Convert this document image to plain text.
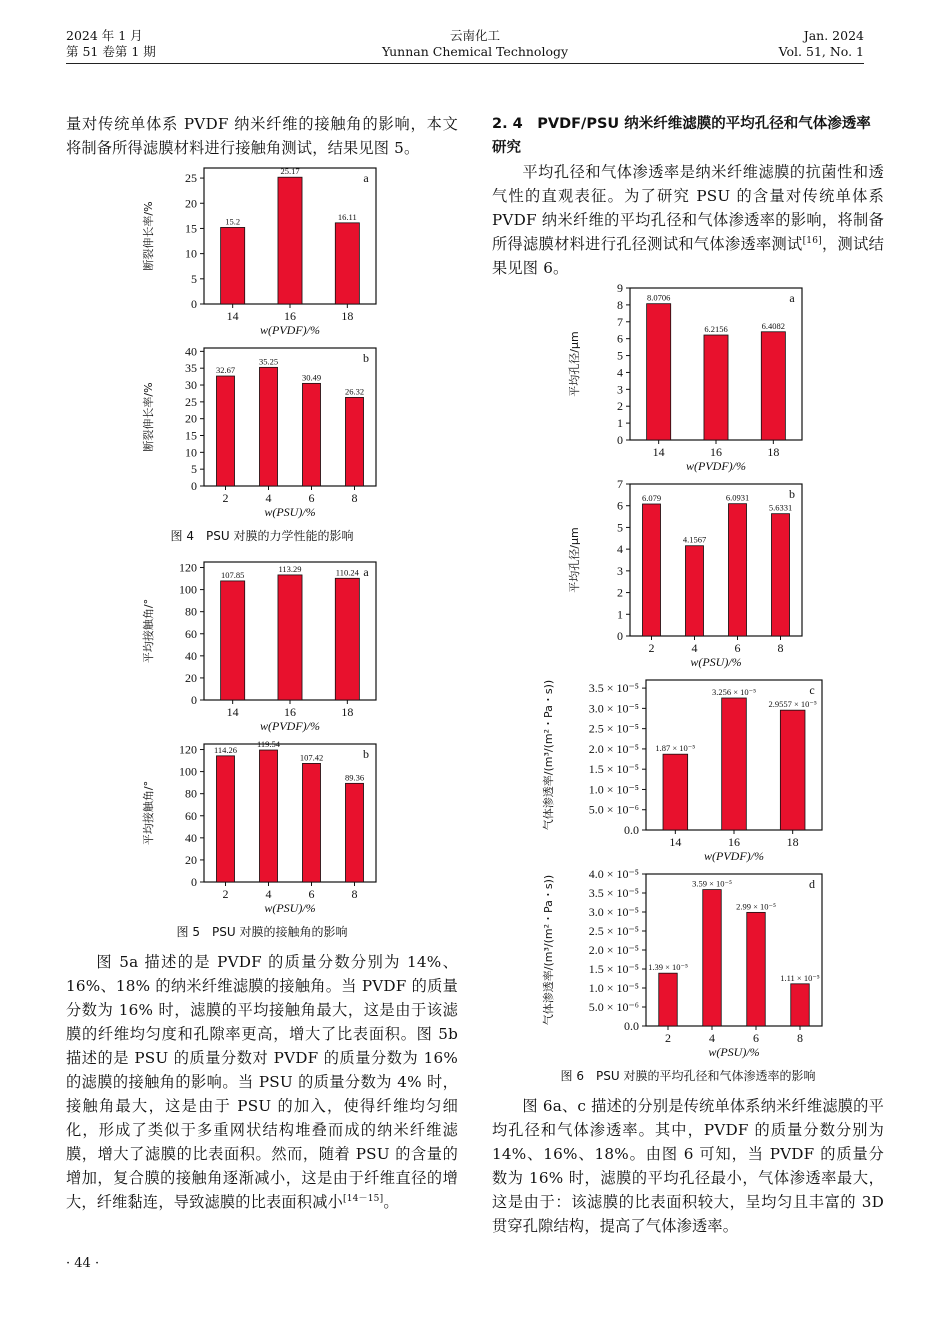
2024 年 1 月
第 51 卷第 1 期
云南化工
Yunnan Chemical Technology
Jan. 2024
Vol. 51, No. 1

量对传统单体系 PVDF 纳米纤维的接触角的影响，本文将制备所得滤膜材料进行接触角测试，结果见图 5。

0
5
10
15
20
25
15.2
14
25.17
16
16.11
18
a
w(PVDF)/%
断裂伸长率/%
0
5
10
15
20
25
30
35
40
32.67
2
35.25
4
30.49
6
26.32
8
b
w(PSU)/%
断裂伸长率/%
图 4　PSU 对膜的力学性能的影响
0
20
40
60
80
100
120
107.85
14
113.29
16
110.24
18
a
w(PVDF)/%
平均接触角/°
0
20
40
60
80
100
120 114.26
2
119.54
4
107.42
6
89.36
8
b
w(PSU)/%
平均接触角/°
图 5　PSU 对膜的接触角的影响

图 5a 描述的是 PVDF 的质量分数分别为 14%、16%、18% 的纳米纤维滤膜的接触角。当 PVDF 的质量分数为 16% 时，滤膜的平均接触角最大，这是由于该滤膜的纤维均匀度和孔隙率更高，增大了比表面积。图 5b 描述的是 PSU 的质量分数对 PVDF 的质量分数为 16% 的滤膜的接触角的影响。当 PSU 的质量分数为 4% 时，接触角最大，这是由于 PSU 的加入，使得纤维均匀细化，形成了类似于多重网状结构堆叠而成的纳米纤维滤膜，增大了滤膜的比表面积。然而，随着 PSU 的含量的增加，复合膜的接触角逐渐减小，这是由于纤维直径的增大，纤维黏连，导致滤膜的比表面积减小[14－15]。

· 44 ·

2. 4　PVDF/PSU 纳米纤维滤膜的平均孔径和气体渗透率研究

平均孔径和气体渗透率是纳米纤维滤膜的抗菌性和透气性的直观表征。为了研究 PSU 的含量对传统单体系 PVDF 纳米纤维的平均孔径和气体渗透率的影响，将制备所得滤膜材料进行孔径测试和气体渗透率测试[16]，测试结果见图 6。

0
1
2
3
4
5
6
7
8
9
8.0706
14
6.2156
16
6.4082
18
a
w(PVDF)/%
平均孔径/μm
0
1
2
3
4
5
6
7
6.079
2
4.1567
4
6.0931
6
5.6331
8
b
w(PSU)/%
平均孔径/μm
0.0
5.0 × 10⁻⁶
1.0 × 10⁻⁵
1.5 × 10⁻⁵
2.0 × 10⁻⁵
2.5 × 10⁻⁵
3.0 × 10⁻⁵
3.5 × 10⁻⁵
1.87 × 10⁻⁵
14
3.256 × 10⁻⁵
16
2.9557 × 10⁻⁵
18
c
w(PVDF)/%
气体渗透率/(m³/(m²・Pa・s))
0.0
5.0 × 10⁻⁶
1.0 × 10⁻⁵
1.5 × 10⁻⁵
2.0 × 10⁻⁵
2.5 × 10⁻⁵
3.0 × 10⁻⁵
3.5 × 10⁻⁵
4.0 × 10⁻⁵
1.39 × 10⁻⁵
2
3.59 × 10⁻⁵
4
2.99 × 10⁻⁵
6
1.11 × 10⁻⁵
8
d
w(PSU)/%
气体渗透率/(m³/(m²・Pa・s))
图 6　PSU 对膜的平均孔径和气体渗透率的影响

图 6a、c 描述的分别是传统单体系纳米纤维滤膜的平均孔径和气体渗透率。其中，PVDF 的质量分数分别为 14%、16%、18%。由图 6 可知，当 PVDF 的质量分数为 16% 时，滤膜的平均孔径最小，气体渗透率最大，这是由于：该滤膜的比表面积较大，呈均匀且丰富的 3D 贯穿孔隙结构，提高了气体渗透率。
